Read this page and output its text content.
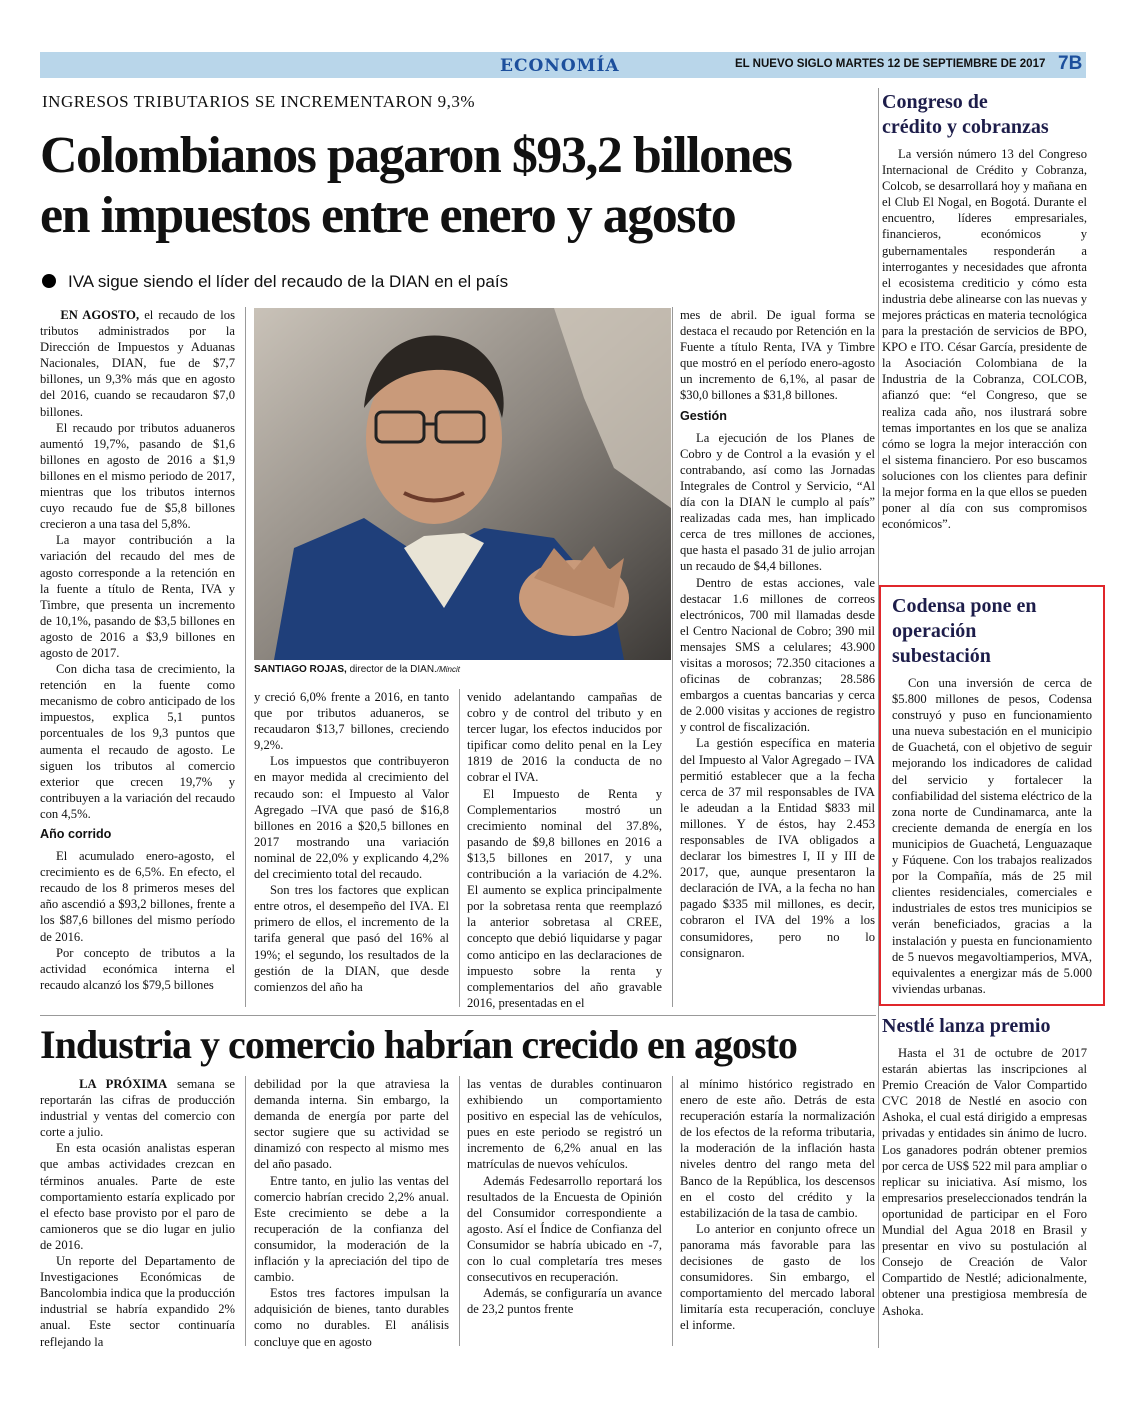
ECONOMÍA	EL NUEVO SIGLO MARTES 12 DE SEPTIEMBRE DE 2017 7B
INGRESOS TRIBUTARIOS SE INCREMENTARON 9,3%
Colombianos pagaron $93,2 billones
en impuestos entre enero y agosto
IVA sigue siendo el líder del recaudo de la DIAN en el país

EN AGOSTO, el recaudo de los tributos administrados por la Dirección de Impuestos y Aduanas Nacionales, DIAN, fue de $7,7 billones, un 9,3% más que en agosto del 2016, cuando se recaudaron $7,0 billones.

El recaudo por tributos aduaneros aumentó 19,7%, pasando de $1,6 billones en agosto de 2016 a $1,9 billones en el mismo periodo de 2017, mientras que los tributos internos cuyo recaudo fue de $5,8 billones crecieron a una tasa del 5,8%.

La mayor contribución a la variación del recaudo del mes de agosto corresponde a la retención en la fuente a título de Renta, IVA y Timbre, que presenta un incremento de 10,1%, pasando de $3,5 billones en agosto de 2016 a $3,9 billones en agosto de 2017.

Con dicha tasa de crecimiento, la retención en la fuente como mecanismo de cobro anticipado de los impuestos, explica 5,1 puntos porcentuales de los 9,3 puntos que aumenta el recaudo de agosto. Le siguen los tributos al comercio exterior que crecen 19,7% y contribuyen a la variación del recaudo con 4,5%.

Año corrido

El acumulado enero-agosto, el crecimiento es de 6,5%. En efecto, el recaudo de los 8 primeros meses del año ascendió a $93,2 billones, frente a los $87,6 billones del mismo período de 2016.

Por concepto de tributos a la actividad económica interna el recaudo alcanzó los $79,5 billones

SANTIAGO ROJAS, director de la DIAN./Mincit

y creció 6,0% frente a 2016, en tanto que por tributos aduaneros, se recaudaron $13,7 billones, creciendo 9,2%.

Los impuestos que contribuyeron en mayor medida al crecimiento del recaudo son: el Impuesto al Valor Agregado –IVA que pasó de $16,8 billones en 2016 a $20,5 billones en 2017 mostrando una variación nominal de 22,0% y explicando 4,2% del crecimiento total del recaudo.

Son tres los factores que explican entre otros, el desempeño del IVA. El primero de ellos, el incremento de la tarifa general que pasó del 16% al 19%; el segundo, los resultados de la gestión de la DIAN, que desde comienzos del año ha

venido adelantando campañas de cobro y de control del tributo y en tercer lugar, los efectos inducidos por tipificar como delito penal en la Ley 1819 de 2016 la conducta de no cobrar el IVA.

El Impuesto de Renta y Complementarios mostró un crecimiento nominal del 37.8%, pasando de $9,8 billones en 2016 a $13,5 billones en 2017, y una contribución a la variación de 4.2%. El aumento se explica principalmente por la sobretasa renta que reemplazó la anterior sobretasa al CREE, concepto que debió liquidarse y pagar como anticipo en las declaraciones de impuesto sobre la renta y complementarios del año gravable 2016, presentadas en el

mes de abril. De igual forma se destaca el recaudo por Retención en la Fuente a título Renta, IVA y Timbre que mostró en el período enero-agosto un incremento de 6,1%, al pasar de $30,0 billones a $31,8 billones.

Gestión

La ejecución de los Planes de Cobro y de Control a la evasión y el contrabando, así como las Jornadas Integrales de Control y Servicio, “Al día con la DIAN le cumplo al país” realizadas cada mes, han implicado cerca de tres millones de acciones, que hasta el pasado 31 de julio arrojan un recaudo de $4,4 billones.

Dentro de estas acciones, vale destacar 1.6 millones de correos electrónicos, 700 mil llamadas desde el Centro Nacional de Cobro; 390 mil mensajes SMS a celulares; 43.900 visitas a morosos; 72.350 citaciones a oficinas de cobranzas; 28.586 embargos a cuentas bancarias y cerca de 2.000 visitas y acciones de registro y control de fiscalización.

La gestión específica en materia del Impuesto al Valor Agregado – IVA permitió establecer que a la fecha cerca de 37 mil responsables de IVA le adeudan a la Entidad $833 mil millones. Y de éstos, hay 2.453 responsables de IVA obligados a declarar los bimestres I, II y III de 2017, que, aunque presentaron la declaración de IVA, a la fecha no han pagado $335 mil millones, es decir, cobraron el IVA del 19% a los consumidores, pero no lo consignaron.

Congreso de crédito y cobranzas

La versión número 13 del Congreso Internacional de Crédito y Cobranza, Colcob, se desarrollará hoy y mañana en el Club El Nogal, en Bogotá. Durante el encuentro, líderes empresariales, financieros, económicos y gubernamentales responderán a interrogantes y necesidades que afronta el ecosistema crediticio y cómo esta industria debe alinearse con las nuevas y mejores prácticas en materia tecnológica para la prestación de servicios de BPO, KPO e ITO. César García, presidente de la Asociación Colombiana de la Industria de la Cobranza, COLCOB, afianzó que: “el Congreso, que se realiza cada año, nos ilustrará sobre temas importantes en los que se analiza cómo se logra la mejor interacción con el sistema financiero. Por eso buscamos soluciones con los clientes para definir la mejor forma en la que ellos se pueden poner al día con sus compromisos económicos”.

Codensa pone en operación subestación

Con una inversión de cerca de $5.800 millones de pesos, Codensa construyó y puso en funcionamiento una nueva subestación en el municipio de Guachetá, con el objetivo de seguir mejorando los indicadores de calidad del servicio y fortalecer la confiabilidad del sistema eléctrico de la zona norte de Cundinamarca, ante la creciente demanda de energía en los municipios de Guachetá, Lenguazaque y Fúquene. Con los trabajos realizados por la Compañía, más de 25 mil clientes residenciales, comerciales e industriales de estos tres municipios se verán beneficiados, gracias a la instalación y puesta en funcionamiento de 5 nuevos megavoltiamperios, MVA, equivalentes a energizar más de 5.000 viviendas urbanas.

Nestlé lanza premio

Hasta el 31 de octubre de 2017 estarán abiertas las inscripciones al Premio Creación de Valor Compartido CVC 2018 de Nestlé en asocio con Ashoka, el cual está dirigido a empresas privadas y entidades sin ánimo de lucro. Los ganadores podrán obtener premios por cerca de US$ 522 mil para ampliar o replicar su iniciativa. Así mismo, los empresarios preseleccionados tendrán la oportunidad de participar en el Foro Mundial del Agua 2018 en Brasil y presentar en vivo su postulación al Consejo de Creación de Valor Compartido de Nestlé; adicionalmente, obtener una prestigiosa membresía de Ashoka.

Industria y comercio habrían crecido en agosto

LA PRÓXIMA semana se reportarán las cifras de producción industrial y ventas del comercio con corte a julio.

En esta ocasión analistas esperan que ambas actividades crezcan en términos anuales. Parte de este comportamiento estaría explicado por el efecto base provisto por el paro de camioneros que se dio lugar en julio de 2016.

Un reporte del Departamento de Investigaciones Económicas de Bancolombia indica que la producción industrial se habría expandido 2% anual. Este sector continuaría reflejando la

debilidad por la que atraviesa la demanda interna. Sin embargo, la demanda de energía por parte del sector sugiere que su actividad se dinamizó con respecto al mismo mes del año pasado.

Entre tanto, en julio las ventas del comercio habrían crecido 2,2% anual. Este crecimiento se debe a la recuperación de la confianza del consumidor, la moderación de la inflación y la apreciación del tipo de cambio.

Estos tres factores impulsan la adquisición de bienes, tanto durables como no durables. El análisis concluye que en agosto

las ventas de durables continuaron exhibiendo un comportamiento positivo en especial las de vehículos, pues en este periodo se registró un incremento de 6,2% anual en las matrículas de nuevos vehículos.

Además Fedesarrollo reportará los resultados de la Encuesta de Opinión del Consumidor correspondiente a agosto. Así el Índice de Confianza del Consumidor se habría ubicado en -7, con lo cual completaría tres meses consecutivos en recuperación.

Además, se configuraría un avance de 23,2 puntos frente

al mínimo histórico registrado en enero de este año. Detrás de esta recuperación estaría la normalización de los efectos de la reforma tributaria, la moderación de la inflación hasta niveles dentro del rango meta del Banco de la República, los descensos en el costo del crédito y la estabilización de la tasa de cambio.

Lo anterior en conjunto ofrece un panorama más favorable para las decisiones de gasto de los consumidores. Sin embargo, el comportamiento del mercado laboral limitaría esta recuperación, concluye el informe.
